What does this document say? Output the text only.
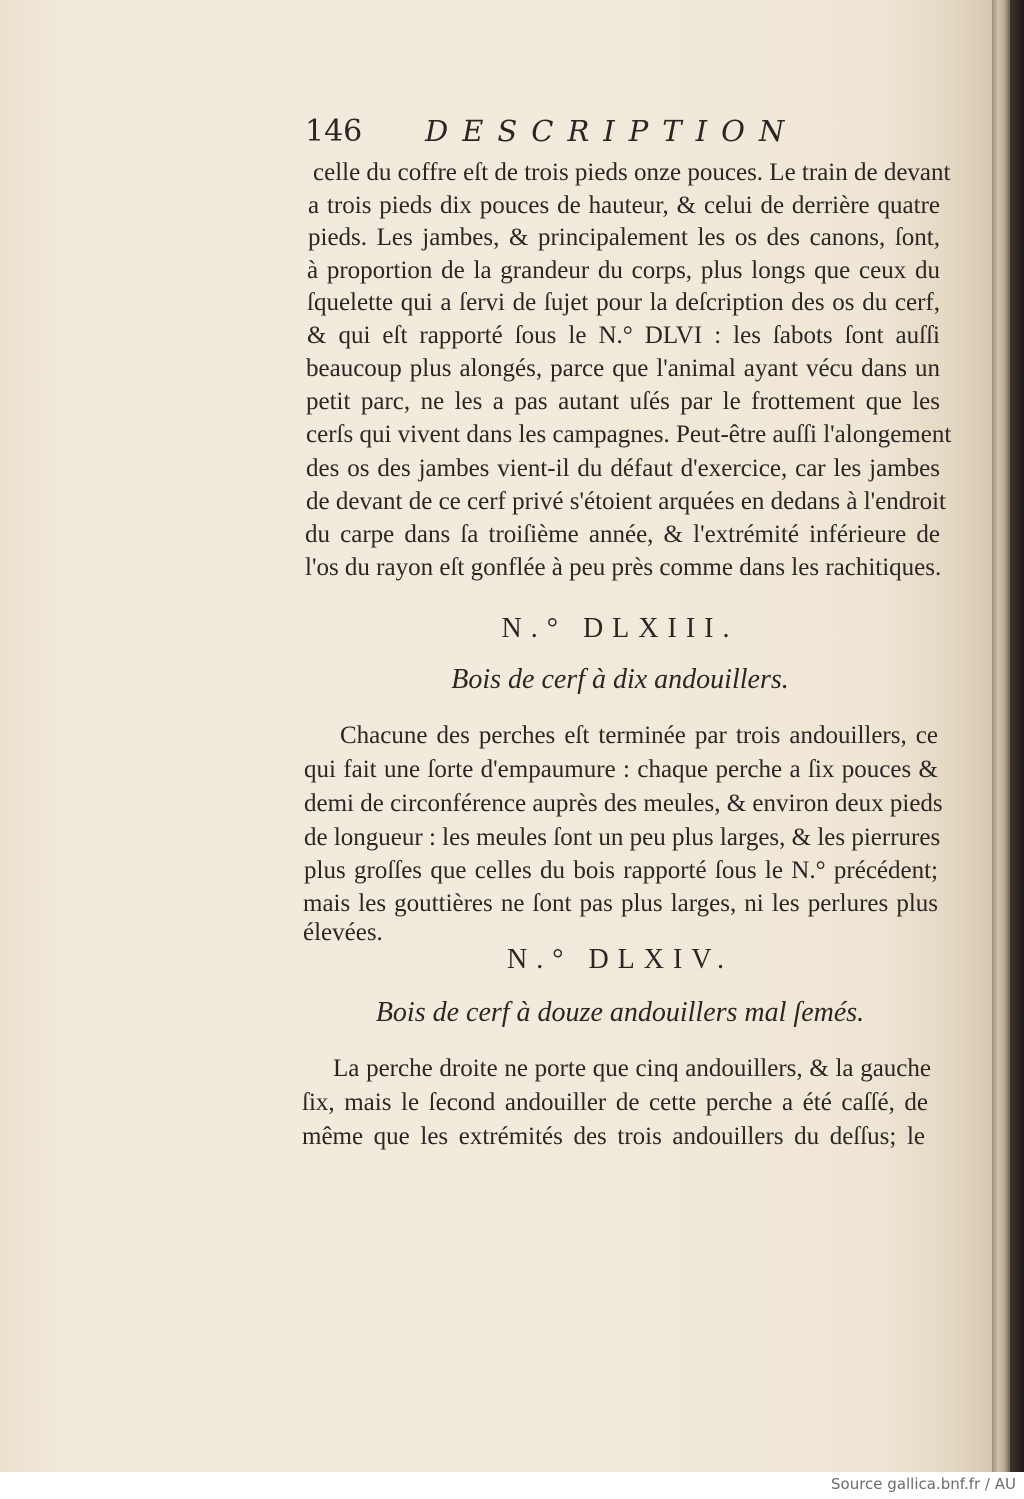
146 DESCRIPTION
celle du coffre eſt de trois pieds onze pouces. Le train de devant
a trois pieds dix pouces de hauteur, & celui de derrière quatre
pieds. Les jambes, & principalement les os des canons, ſont,
à proportion de la grandeur du corps, plus longs que ceux du
ſquelette qui a ſervi de ſujet pour la deſcription des os du cerf,
& qui eſt rapporté ſous le N.° DLVI : les ſabots ſont auſſi
beaucoup plus alongés, parce que l'animal ayant vécu dans un
petit parc, ne les a pas autant uſés par le frottement que les
cerſs qui vivent dans les campagnes. Peut-être auſſi l'alongement
des os des jambes vient-il du défaut d'exercice, car les jambes
de devant de ce cerf privé s'étoient arquées en dedans à l'endroit
du carpe dans ſa troiſième année, & l'extrémité inférieure de
l'os du rayon eſt gonflée à peu près comme dans les rachitiques.
N.° DLXIII.
Bois de cerf à dix andouillers.
Chacune des perches eſt terminée par trois andouillers, ce
qui fait une ſorte d'empaumure : chaque perche a ſix pouces &
demi de circonférence auprès des meules, & environ deux pieds
de longueur : les meules ſont un peu plus larges, & les pierrures
plus groſſes que celles du bois rapporté ſous le N.° précédent;
mais les gouttières ne ſont pas plus larges, ni les perlures plus
élevées.
N.° DLXIV.
Bois de cerf à douze andouillers mal ſemés.
La perche droite ne porte que cinq andouillers, & la gauche
ſix, mais le ſecond andouiller de cette perche a été caſſé, de
même que les extrémités des trois andouillers du deſſus; le
Source gallica.bnf.fr / AU
